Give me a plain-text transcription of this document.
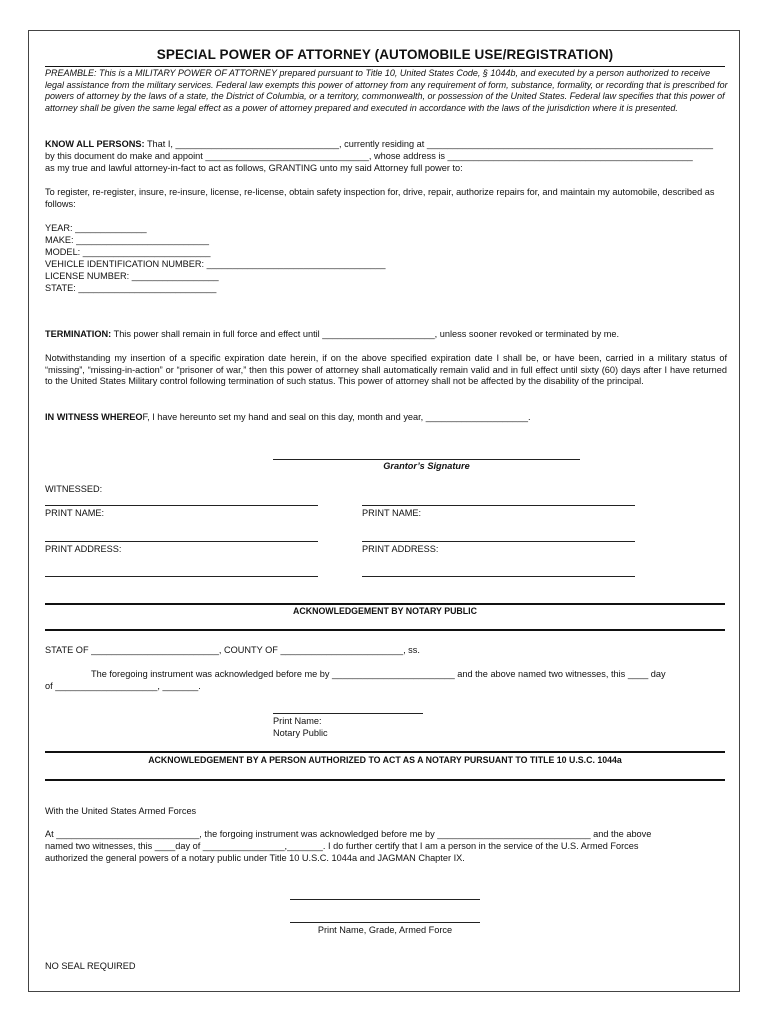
SPECIAL POWER OF ATTORNEY (AUTOMOBILE USE/REGISTRATION)
PREAMBLE: This is a MILITARY POWER OF ATTORNEY prepared pursuant to Title 10, United States Code, § 1044b, and executed by a person authorized to receive legal assistance from the military services. Federal law exempts this power of attorney from any requirement of form, substance, formality, or recording that is prescribed for powers of attorney by the laws of a state, the District of Columbia, or a territory, commonwealth, or possession of the United States. Federal law specifies that this power of attorney shall be given the same legal effect as a power of attorney prepared and executed in accordance with the laws of the jurisdiction where it is presented.
KNOW ALL PERSONS: That I, ________________________________, currently residing at ________________________________________________________
by this document do make and appoint ________________________________, whose address is ________________________________________________
as my true and lawful attorney-in-fact to act as follows, GRANTING unto my said Attorney full power to:
To register, re-register, insure, re-insure, license, re-license, obtain safety inspection for, drive, repair, authorize repairs for, and maintain my automobile, described as follows:
YEAR: ______________
MAKE: __________________________
MODEL: _________________________
VEHICLE IDENTIFICATION NUMBER: ___________________________________
LICENSE NUMBER: _________________
STATE: ___________________________
TERMINATION: This power shall remain in full force and effect until ______________________, unless sooner revoked or terminated by me.
Notwithstanding my insertion of a specific expiration date herein, if on the above specified expiration date I shall be, or have been, carried in a military status of “missing”, “missing-in-action” or “prisoner of war,” then this power of attorney shall automatically remain valid and in full effect until sixty (60) days after I have returned to the United States Military control following termination of such status. This power of attorney shall not be affected by the disability of the principal.
IN WITNESS WHEREOF, I have hereunto set my hand and seal on this day, month and year, ____________________.
Grantor’s Signature
WITNESSED:
PRINT NAME:	PRINT NAME:
PRINT ADDRESS:	PRINT ADDRESS:
ACKNOWLEDGEMENT BY NOTARY PUBLIC
STATE OF _________________________, COUNTY OF ________________________, ss.
The foregoing instrument was acknowledged before me by ________________________ and the above named two witnesses, this ____ day
of ____________________, _______.
Print Name:
Notary Public
ACKNOWLEDGEMENT BY A PERSON AUTHORIZED TO ACT AS A NOTARY PURSUANT TO TITLE 10 U.S.C. 1044a
With the United States Armed Forces
At ____________________________, the forgoing instrument was acknowledged before me by ______________________________ and the above
named two witnesses, this ____day of ________________,_______. I do further certify that I am a person in the service of the U.S. Armed Forces
authorized the general powers of a notary public under Title 10 U.S.C. 1044a and JAGMAN Chapter IX.
Print Name, Grade, Armed Force
NO SEAL REQUIRED
